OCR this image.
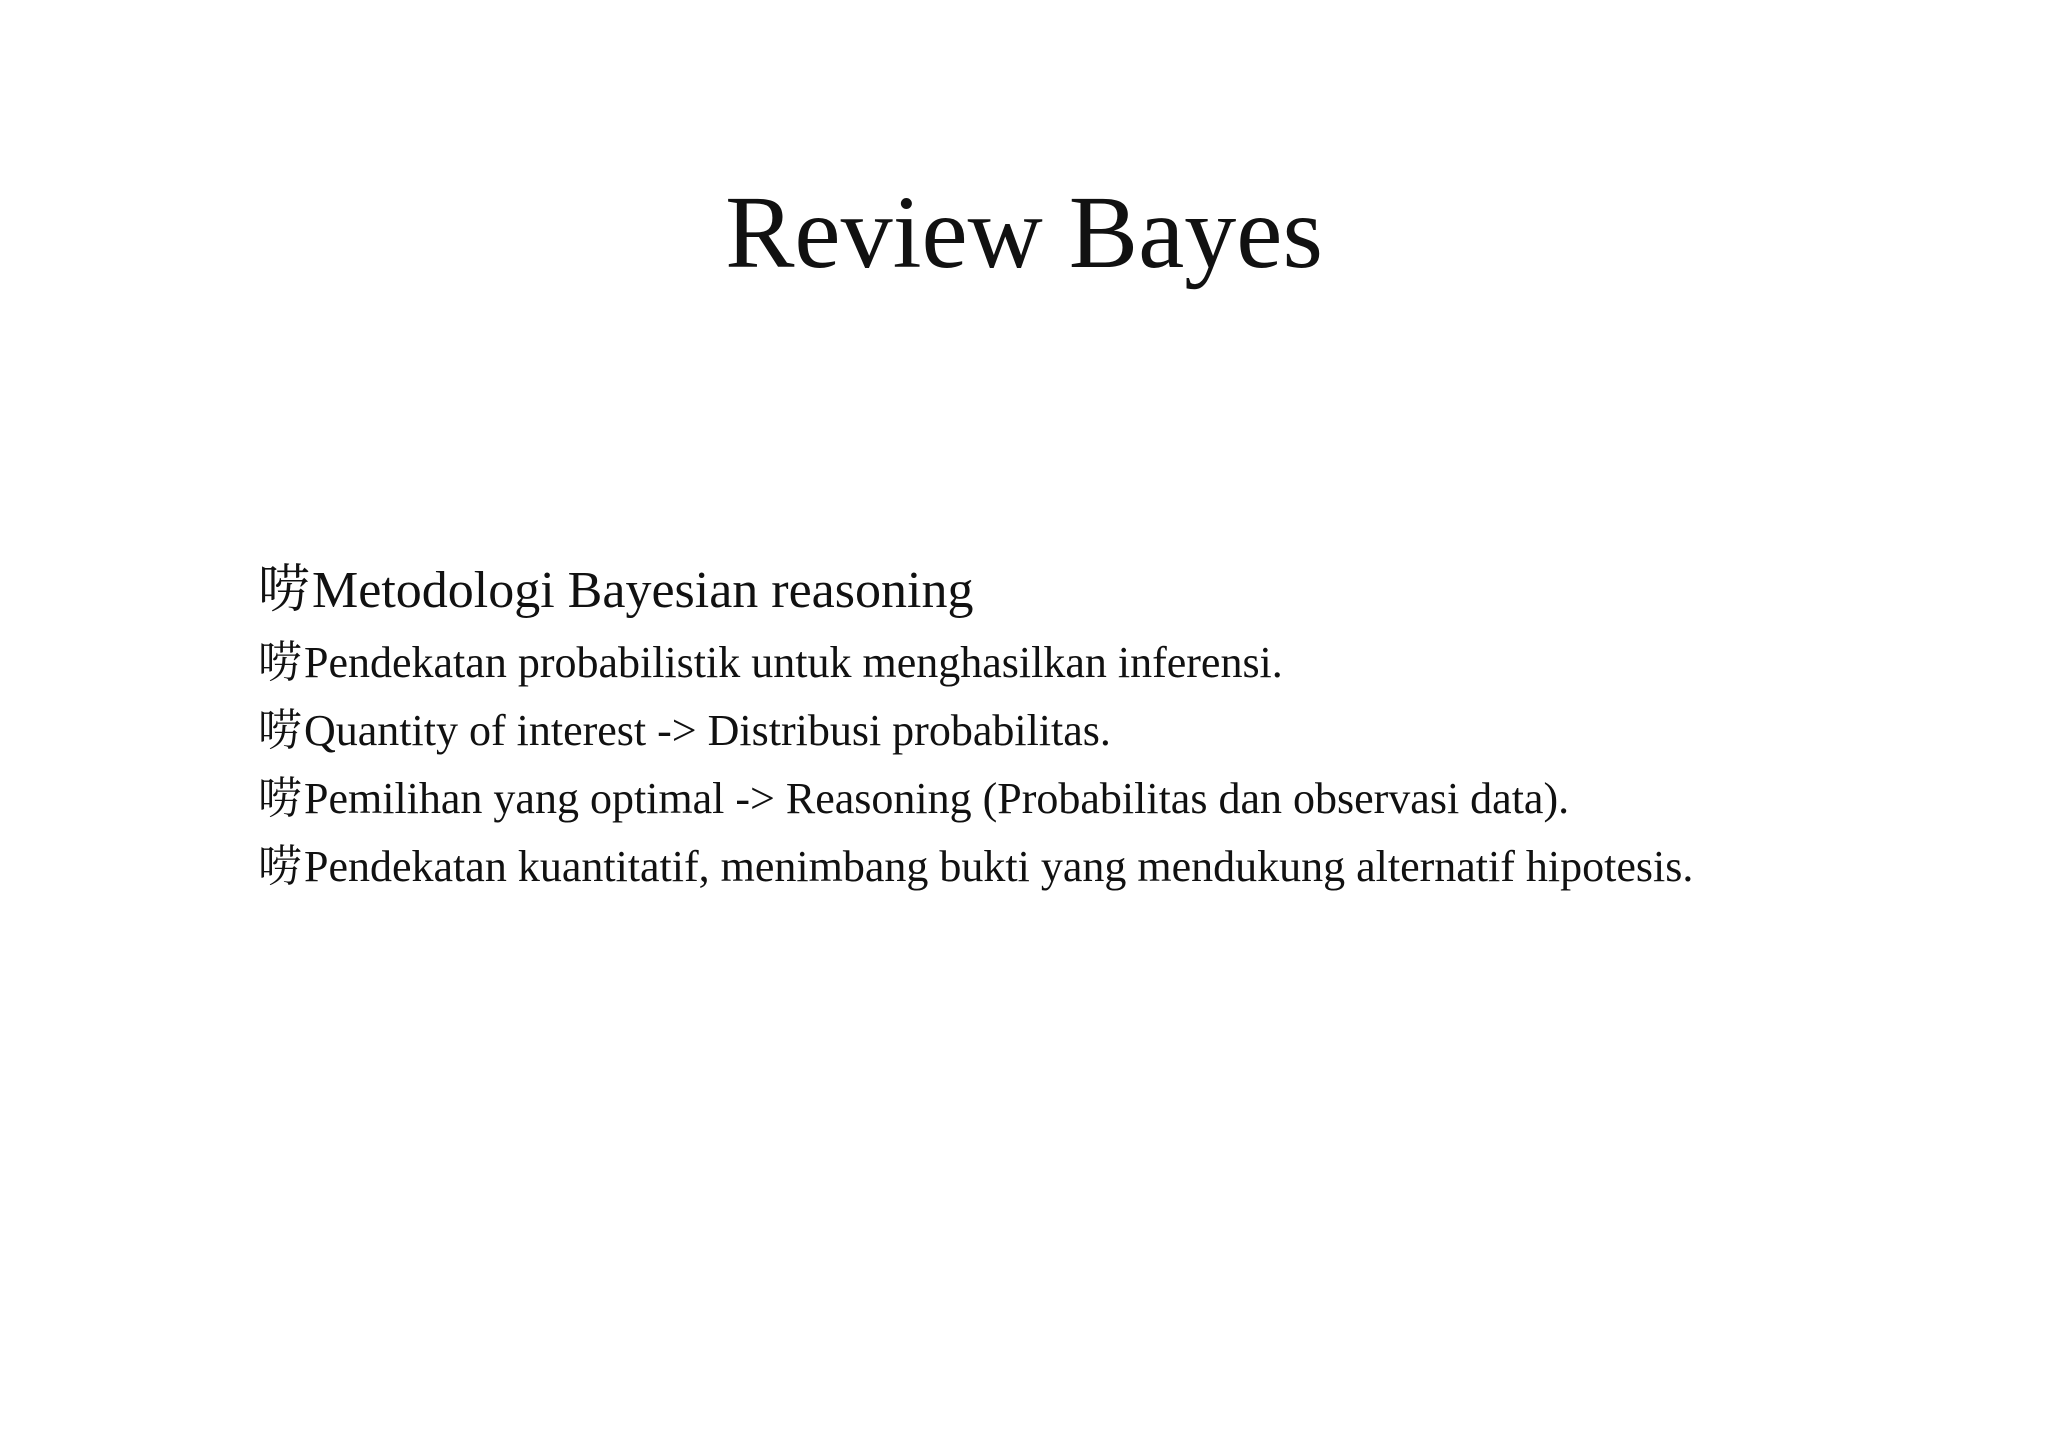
Review Bayes
唠 Metodologi Bayesian reasoning
唠 Pendekatan probabilistik untuk menghasilkan inferensi.
唠 Quantity of interest -> Distribusi probabilitas.
唠 Pemilihan yang optimal -> Reasoning (Probabilitas dan observasi data).
唠 Pendekatan kuantitatif, menimbang bukti yang mendukung alternatif hipotesis.
